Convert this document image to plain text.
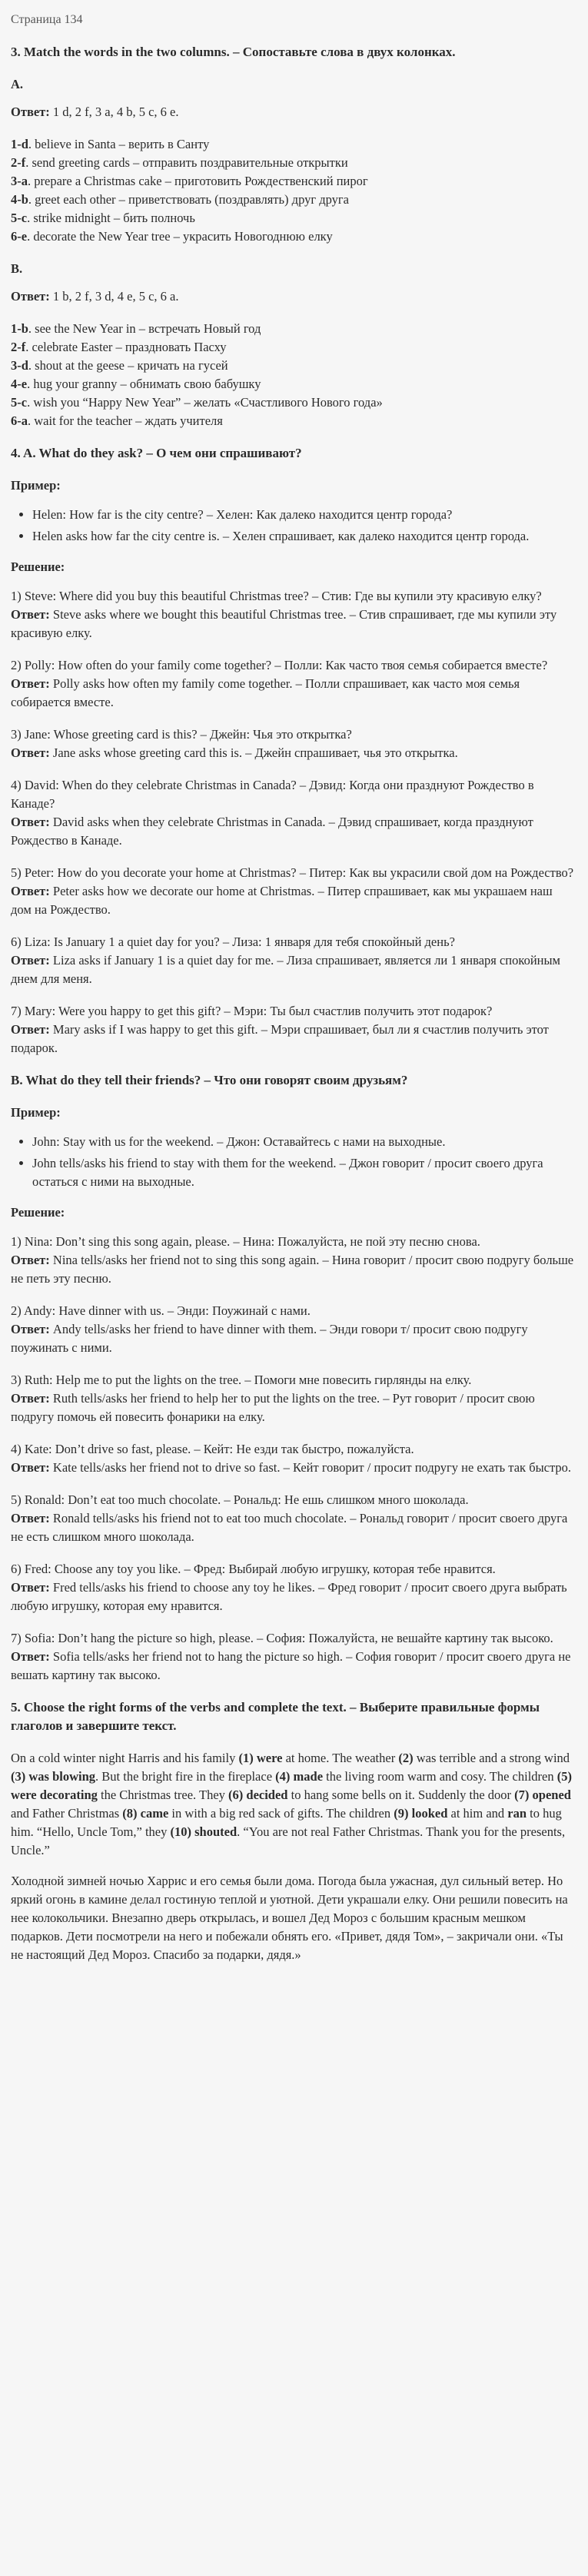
Страница 134
3. Match the words in the two columns. – Сопоставьте слова в двух колонках.
A.
Ответ: 1 d, 2 f, 3 a, 4 b, 5 c, 6 e.

1-d. believe in Santa – верить в Санту

2-f. send greeting cards – отправить поздравительные открытки

3-a. prepare a Christmas cake – приготовить Рождественский пирог

4-b. greet each other – приветствовать (поздравлять) друг друга

5-c. strike midnight – бить полночь

6-e. decorate the New Year tree – украсить Новогоднюю елку

B.
Ответ: 1 b, 2 f, 3 d, 4 e, 5 c, 6 a.

1-b. see the New Year in – встречать Новый год

2-f. celebrate Easter – праздновать Пасху

3-d. shout at the geese – кричать на гусей

4-e. hug your granny – обнимать свою бабушку

5-c. wish you “Happy New Year” – желать «Счастливого Нового года»

6-a. wait for the teacher – ждать учителя

4. A. What do they ask? – О чем они спрашивают?
Пример:
• Helen: How far is the city centre? – Хелен: Как далеко находится центр города?
• Helen asks how far the city centre is. – Хелен спрашивает, как далеко находится центр города.
Решение:

1) Steve: Where did you buy this beautiful Christmas tree? – Стив: Где вы купили эту красивую елку?

Ответ: Steve asks where we bought this beautiful Christmas tree. – Стив спрашивает, где мы купили эту красивую елку.

2) Polly: How often do your family come together? – Полли: Как часто твоя семья собирается вместе?

Ответ: Polly asks how often my family come together. – Полли спрашивает, как часто моя семья собирается вместе.

3) Jane: Whose greeting card is this? – Джейн: Чья это открытка?

Ответ: Jane asks whose greeting card this is. – Джейн спрашивает, чья это открытка.

4) David: When do they celebrate Christmas in Canada? – Дэвид: Когда они празднуют Рождество в Канаде?

Ответ: David asks when they celebrate Christmas in Canada. – Дэвид спрашивает, когда празднуют Рождество в Канаде.

5) Peter: How do you decorate your home at Christmas? – Питер: Как вы украсили свой дом на Рождество?

Ответ: Peter asks how we decorate our home at Christmas. – Питер спрашивает, как мы украшаем наш дом на Рождество.

6) Liza: Is January 1 a quiet day for you? – Лиза: 1 января для тебя спокойный день?

Ответ: Liza asks if January 1 is a quiet day for me. – Лиза спрашивает, является ли 1 января спокойным днем для меня.

7) Mary: Were you happy to get this gift? – Мэри: Ты был счастлив получить этот подарок?

Ответ: Mary asks if I was happy to get this gift. – Мэри спрашивает, был ли я счастлив получить этот подарок.

B. What do they tell their friends? – Что они говорят своим друзьям?
Пример:
• John: Stay with us for the weekend. – Джон: Оставайтесь с нами на выходные.
• John tells/asks his friend to stay with them for the weekend. – Джон говорит / просит своего друга остаться с ними на выходные.
Решение:

1) Nina: Don’t sing this song again, please. – Нина: Пожалуйста, не пой эту песню снова.

Ответ: Nina tells/asks her friend not to sing this song again. – Нина говорит / просит свою подругу больше не петь эту песню.

2) Andy: Have dinner with us. – Энди: Поужинай с нами.

Ответ: Andy tells/asks her friend to have dinner with them. – Энди говори т/ просит свою подругу поужинать с ними.

3) Ruth: Help me to put the lights on the tree. – Помоги мне повесить гирлянды на елку.

Ответ: Ruth tells/asks her friend to help her to put the lights on the tree. – Рут говорит / просит свою подругу помочь ей повесить фонарики на елку.

4) Kate: Don’t drive so fast, please. – Кейт: Не езди так быстро, пожалуйста.

Ответ: Kate tells/asks her friend not to drive so fast. – Кейт говорит / просит подругу не ехать так быстро.

5) Ronald: Don’t eat too much chocolate. – Рональд: Не ешь слишком много шоколада.

Ответ: Ronald tells/asks his friend not to eat too much chocolate. – Рональд говорит / просит своего друга не есть слишком много шоколада.

6) Fred: Choose any toy you like. – Фред: Выбирай любую игрушку, которая тебе нравится.

Ответ: Fred tells/asks his friend to choose any toy he likes. – Фред говорит / просит своего друга выбрать любую игрушку, которая ему нравится.

7) Sofia: Don’t hang the picture so high, please. – София: Пожалуйста, не вешайте картину так высоко.

Ответ: Sofia tells/asks her friend not to hang the picture so high. – София говорит / просит своего друга не вешать картину так высоко.

5. Choose the right forms of the verbs and complete the text. – Выберите правильные формы глаголов и завершите текст.

On a cold winter night Harris and his family (1) were at home. The weather (2) was terrible and a strong wind (3) was blowing. But the bright fire in the fireplace (4) made the living room warm and cosy. The children (5) were decorating the Christmas tree. They (6) decided to hang some bells on it. Suddenly the door (7) opened and Father Christmas (8) came in with a big red sack of gifts. The children (9) looked at him and ran to hug him. “Hello, Uncle Tom,” they (10) shouted. “You are not real Father Christmas. Thank you for the presents, Uncle.”

Холодной зимней ночью Харрис и его семья были дома. Погода была ужасная, дул сильный ветер. Но яркий огонь в камине делал гостиную теплой и уютной. Дети украшали елку. Они решили повесить на нее колокольчики. Внезапно дверь открылась, и вошел Дед Мороз с большим красным мешком подарков. Дети посмотрели на него и побежали обнять его. «Привет, дядя Том», – закричали они. «Ты не настоящий Дед Мороз. Спасибо за подарки, дядя.»
